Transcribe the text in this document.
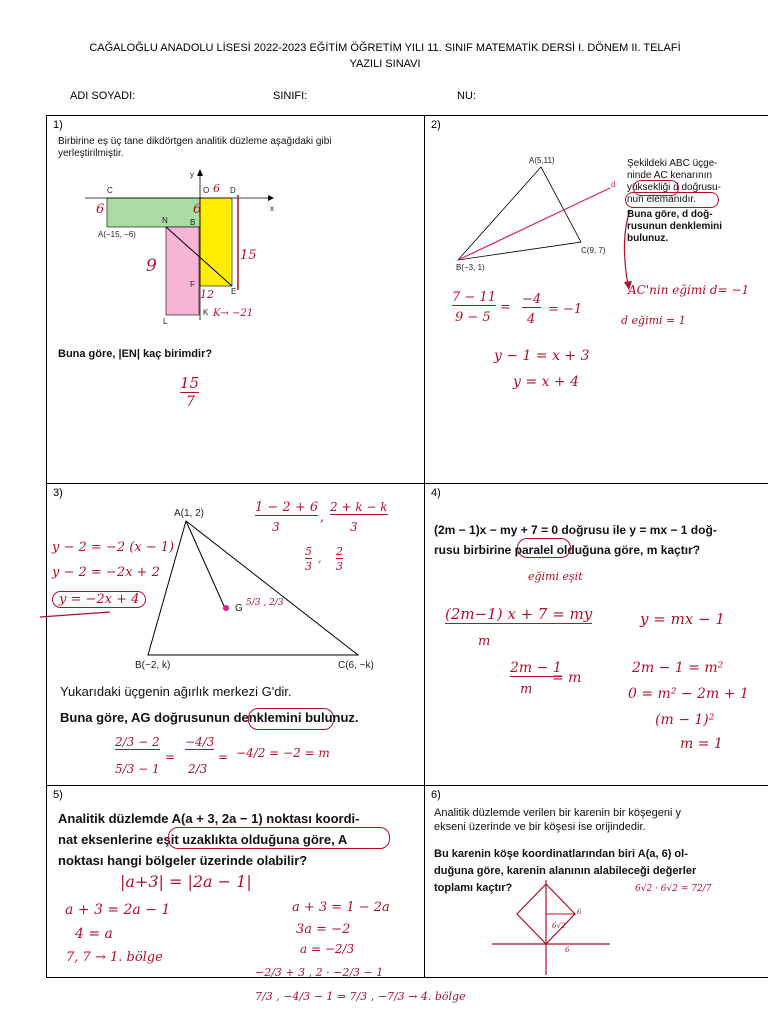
CAĞALOĞLU ANADOLU LİSESİ 2022-2023 EĞİTİM ÖĞRETİM YILI 11. SINIF MATEMATİK DERSİ I. DÖNEM II. TELAFİ
YAZILI SINAVI
ADI SOYADI:	SINIFI:	NU:
1)
Birbirine eş üç tane dikdörtgen analitik düzleme aşağıdaki gibi yerleştirilmiştir.
C
y
O	D
x
N	B
A(−15, −6)
F
E
L
K
6
6	6
9
15
12
K→ −21
Buna göre, |EN| kaç birimdir?
15
7
2)
A(5,11)
B(−3, 1)
C(9, 7)
d
Şekildeki ABC üçge-
ninde AC kenarının
yüksekliği d doğrusu-
nun elemanıdır.
Buna göre, d doğ-
rusunun denklemini
bulunuz.
7 − 11
9 − 5
=
−4
4
= −1
AC'nin eğimi d= −1
d eğimi = 1
y − 1 = x + 3
y = x + 4
3)
A(1, 2)
B(−2, k)	C(6, −k)
G 5/3 , 2/3
1 − 2 + 6
3
,
2 + k − k
3
5
3
,
2
3
y − 2 = −2 (x − 1)
y − 2 = −2x + 2
y = −2x + 4
Yukarıdaki üçgenin ağırlık merkezi G'dir.
Buna göre, AG doğrusunun denklemini bulunuz.
2/3 − 2
5/3 − 1
=
−4/3
2/3
= −4/2 = −2 = m
4)
(2m − 1)x − my + 7 = 0 doğrusu ile y = mx − 1 doğ-
rusu birbirine paralel olduğuna göre, m kaçtır?
eğimi eşit
(2m−1) x + 7 = my
m
y = mx − 1
2m − 1
m
= m
2m − 1 = m²
0 = m² − 2m + 1
(m − 1)²
m = 1
5)
Analitik düzlemde A(a + 3, 2a − 1) noktası koordi-
nat eksenlerine eşit uzaklıkta olduğuna göre, A
noktası hangi bölgeler üzerinde olabilir?
|a+3| = |2a − 1|
a + 3 = 2a − 1
4 = a
7, 7 → 1. bölge
a + 3 = 1 − 2a
3a = −2
a = −2/3
−2/3 + 3 , 2 · −2/3 − 1
7/3 , −4/3 − 1 ⇒ 7/3 , −7/3 → 4. bölge
6)
Analitik düzlemde verilen bir karenin bir köşegeni y
ekseni üzerinde ve bir köşesi ise orijindedir.
Bu karenin köşe koordinatlarından biri A(a, 6) ol-
duğuna göre, karenin alanının alabileceği değerler
toplamı kaçtır?	6√2 · 6√2 = 72/7
6√2
6
6
